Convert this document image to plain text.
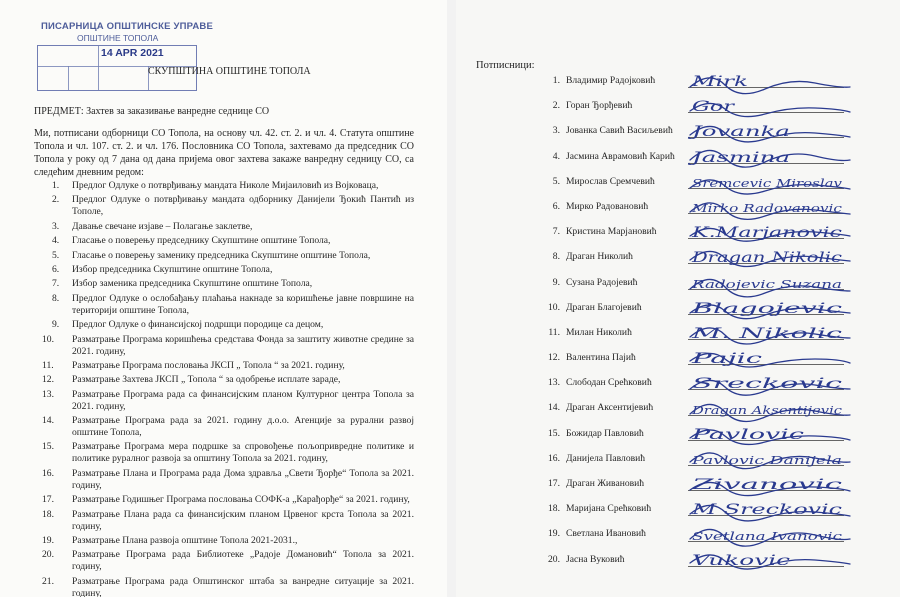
ПИСАРНИЦА ОПШТИНСКЕ УПРАВЕ
ОПШТИНЕ ТОПОЛА
14 APR 2021
СКУПШТИНА ОПШТИНЕ ТОПОЛА
ПРЕДМЕТ: Захтев за заказивање ванредне седнице СО
Ми, потписани одборници СО Топола, на основу чл. 42. ст. 2. и чл. 4. Статута општине Топола и чл. 107. ст. 2. и чл. 176. Пословника СО Топола, захтевамо да председник СО Топола у року од 7 дана од дана пријема овог захтева закаже ванредну седницу СО, са следећим дневним редом:
1. Предлог Одлуке о потврђивању мандата Николе Мијаиловић из Војковаца,
2. Предлог Одлуке о потврђивању мандата одборнику Данијели Ђокић Пантић из Тополе,
3. Давање свечане изјаве – Полагање заклетве,
4. Гласање о поверењу председнику Скупштине општине Топола,
5. Гласање о поверењу заменику председника Скупштине општине Топола,
6. Избор председника Скупштине општине Топола,
7. Избор заменика председника Скупштине општине Топола,
8. Предлог Одлуке о ослобађању плаћања накнаде за коришћење јавне површине на територији општине Топола,
9. Предлог Одлуке о финансијској подршци породице са децом,
10. Разматрање Програма коришћења средстава Фонда за заштиту животне средине за 2021. годину,
11. Разматрање Програма пословања ЈКСП „ Топола “ за 2021. годину,
12. Разматрање Захтева ЈКСП „ Топола “ за одобрење исплате зараде,
13. Разматрање Програма рада са финансијским планом Културног центра Топола за 2021. годину,
14. Разматрање Програма рада за 2021. годину д.о.о. Агенције за рурални развој општине Топола,
15. Разматрање Програма мера подршке за спровођење пољопривредне политике и политике руралног развоја за општину Топола за 2021. годину,
16. Разматрање Плана и Програма рада Дома здравља „Свети Ђорђе“ Топола за 2021. годину,
17. Разматрање Годишњег Програма пословања СОФК-а „Карађорђе“ за 2021. годину,
18. Разматрање Плана рада са финансијским планом Црвеног крста Топола за 2021. годину,
19. Разматрање Плана развоја општине Топола 2021-2031.,
20. Разматрање Програма рада Библиотеке „Радоје Домановић“ Топола за 2021. годину,
21. Разматрање Програма рада Општинског штаба за ванредне ситуације за 2021. годину,
Потписници:
1. Владимир Радојковић
2. Горан Ђорђевић
3. Јованка Савић Васиљевић
4. Јасмина Аврамовић Карић
5. Мирослав Сремчевић
6. Мирко Радовановић
7. Кристина Марјановић
8. Драган Николић
9. Сузана Радојевић
10. Драган Благојевић
11. Милан Николић
12. Валентина Пајић
13. Слободан Срећковић
14. Драган Аксентијевић
15. Божидар Павловић
16. Данијела Павловић
17. Драган Живановић
18. Маријана Срећковић
19. Светлана Ивановић
20. Јасна Вуковић
Mirk
Gor
Jovanka
Jasmina
Sremcevic Miroslav
Mirko Radovanovic
K.Marjanovic
Dragan Nikolic
Radojevic Suzana
Blagojevic
M. Nikolic
Pajic
Sreckovic
Dragan Aksentijevic
Pavlovic
Pavlovic Danijela
Zivanovic
M Sreckovic
Svetlana Ivanovic
Vukovic
